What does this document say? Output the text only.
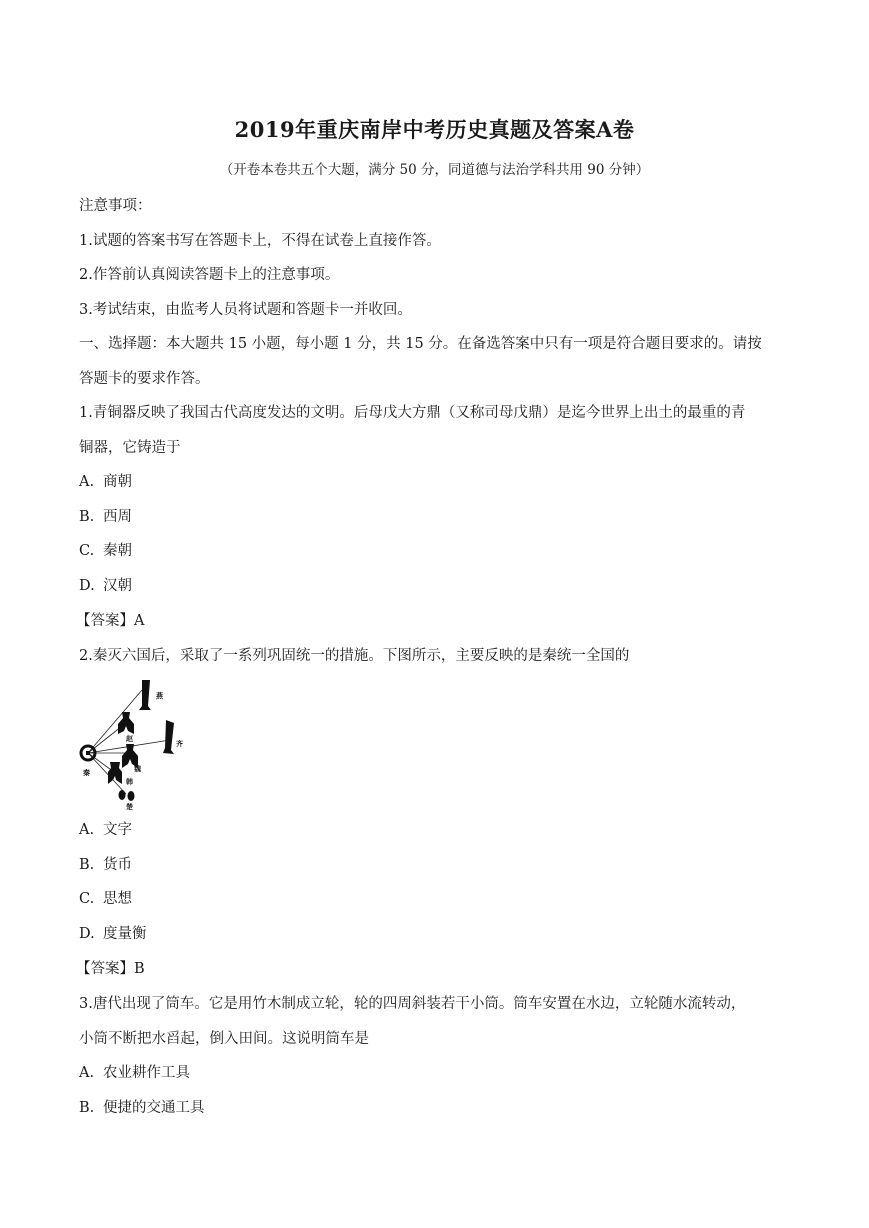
2019年重庆南岸中考历史真题及答案A卷
（开卷本卷共五个大题，满分 50 分，同道德与法治学科共用 90 分钟）
注意事项：
1.试题的答案书写在答题卡上，不得在试卷上直接作答。
2.作答前认真阅读答题卡上的注意事项。
3.考试结束，由监考人员将试题和答题卡一并收回。
一、选择题：本大题共 15 小题，每小题 1 分，共 15 分。在备选答案中只有一项是符合题目要求的。请按
答题卡的要求作答。
1.青铜器反映了我国古代高度发达的文明。后母戊大方鼎（又称司母戊鼎）是迄今世界上出土的最重的青
铜器，它铸造于
A. 商朝
B. 西周
C. 秦朝
D. 汉朝
【答案】A
2.秦灭六国后，采取了一系列巩固统一的措施。下图所示，主要反映的是秦统一全国的
燕
齐
赵
魏
韩
楚
秦
A. 文字
B. 货币
C. 思想
D. 度量衡
【答案】B
3.唐代出现了筒车。它是用竹木制成立轮，轮的四周斜装若干小筒。筒车安置在水边，立轮随水流转动，
小筒不断把水舀起，倒入田间。这说明筒车是
A. 农业耕作工具
B. 便捷的交通工具
